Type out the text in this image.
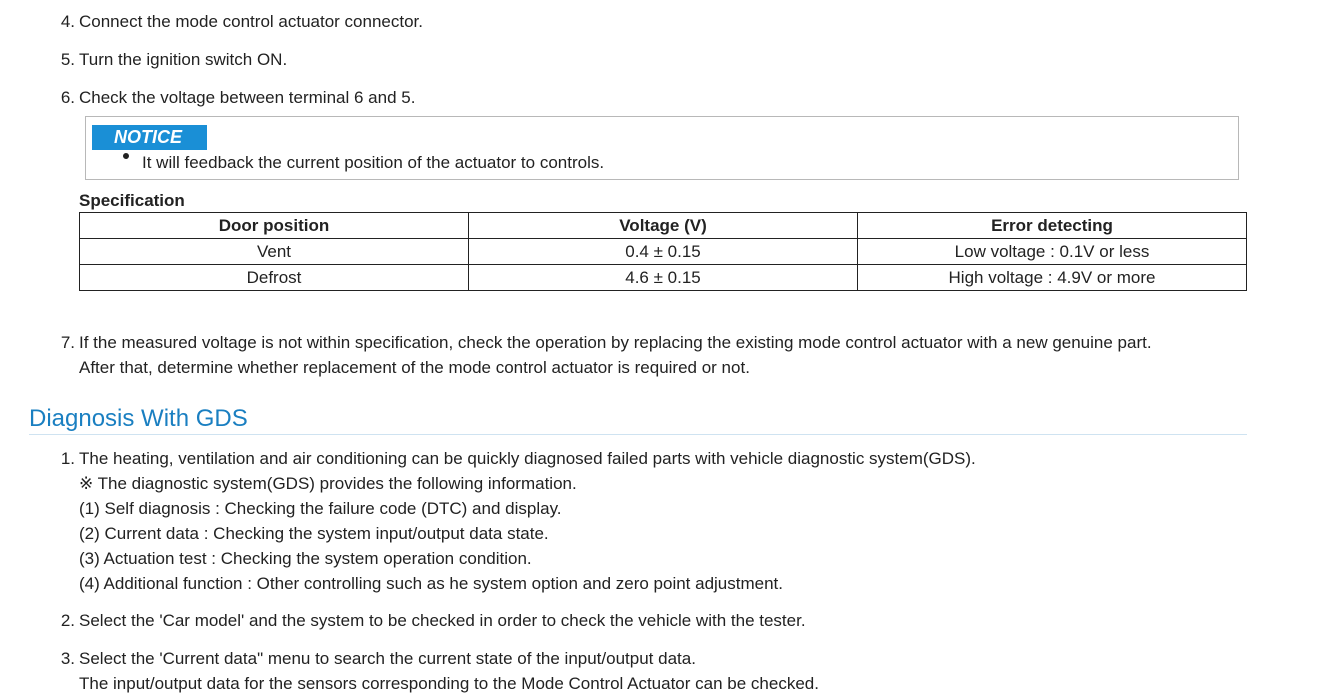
4. Connect the mode control actuator connector.
5. Turn the ignition switch ON.
6. Check the voltage between terminal 6 and 5.
NOTICE
It will feedback the current position of the actuator to controls.
Specification
Door position	Voltage (V)	Error detecting
Vent	0.4 ± 0.15	Low voltage : 0.1V or less
Defrost	4.6 ± 0.15	High voltage : 4.9V or more
7. If the measured voltage is not within specification, check the operation by replacing the existing mode control actuator with a new genuine part.
After that, determine whether replacement of the mode control actuator is required or not.
Diagnosis With GDS
1. The heating, ventilation and air conditioning can be quickly diagnosed failed parts with vehicle diagnostic system(GDS).
※ The diagnostic system(GDS) provides the following information.
(1) Self diagnosis : Checking the failure code (DTC) and display.
(2) Current data : Checking the system input/output data state.
(3) Actuation test : Checking the system operation condition.
(4) Additional function : Other controlling such as he system option and zero point adjustment.
2. Select the 'Car model' and the system to be checked in order to check the vehicle with the tester.
3. Select the 'Current data" menu to search the current state of the input/output data.
The input/output data for the sensors corresponding to the Mode Control Actuator can be checked.
